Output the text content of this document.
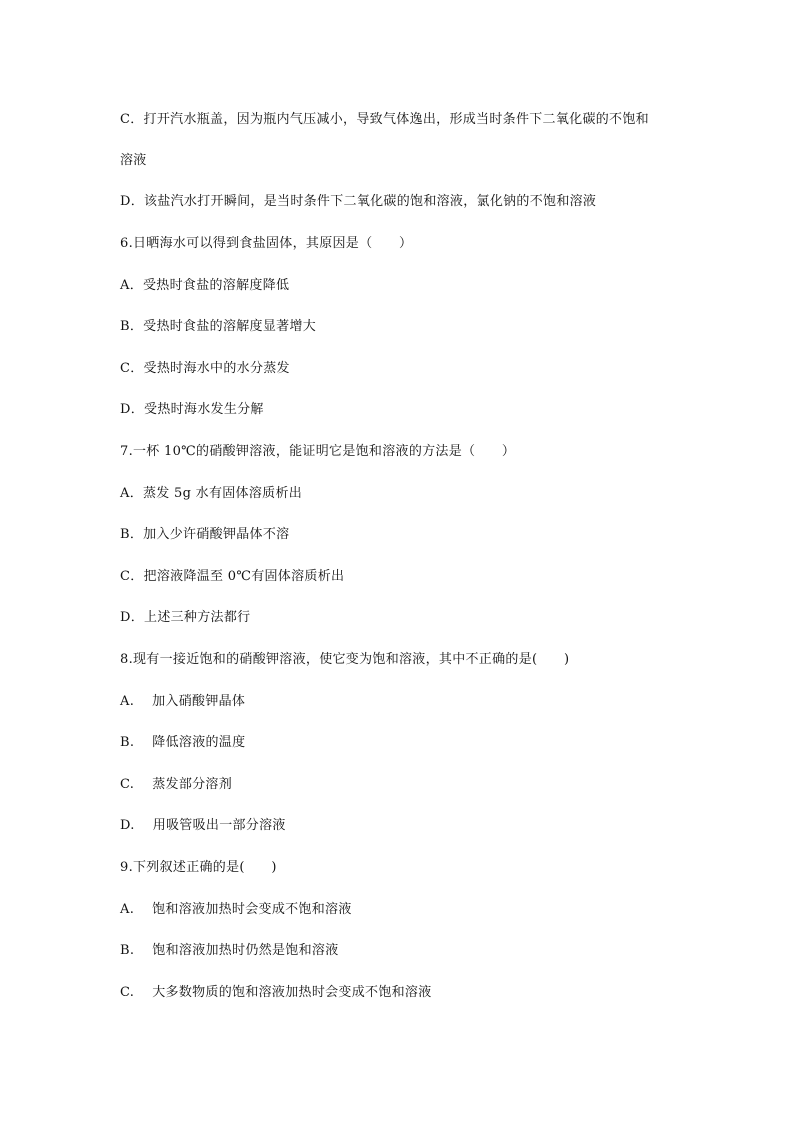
C．打开汽水瓶盖，因为瓶内气压减小，导致气体逸出，形成当时条件下二氧化碳的不饱和
溶液
D．该盐汽水打开瞬间，是当时条件下二氧化碳的饱和溶液，氯化钠的不饱和溶液
6.日晒海水可以得到食盐固体，其原因是（　　）
A．受热时食盐的溶解度降低
B．受热时食盐的溶解度显著增大
C．受热时海水中的水分蒸发
D．受热时海水发生分解
7.一杯 10℃的硝酸钾溶液，能证明它是饱和溶液的方法是（　　）
A．蒸发 5g 水有固体溶质析出
B．加入少许硝酸钾晶体不溶
C．把溶液降温至 0℃有固体溶质析出
D．上述三种方法都行
8.现有一接近饱和的硝酸钾溶液，使它变为饱和溶液，其中不正确的是(　　)
A. 加入硝酸钾晶体
B. 降低溶液的温度
C. 蒸发部分溶剂
D. 用吸管吸出一部分溶液
9.下列叙述正确的是(　　)
A. 饱和溶液加热时会变成不饱和溶液
B. 饱和溶液加热时仍然是饱和溶液
C. 大多数物质的饱和溶液加热时会变成不饱和溶液
